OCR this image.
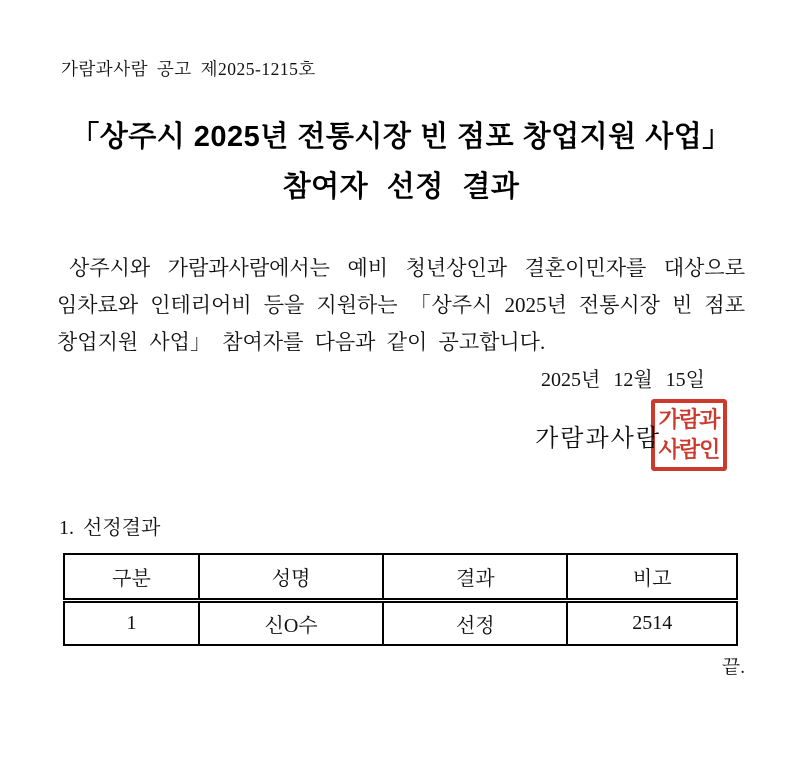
가람과사람 공고 제2025-1215호
「상주시 2025년 전통시장 빈 점포 창업지원 사업」
참여자 선정 결과

상주시와 가람과사람에서는 예비 청년상인과 결혼이민자를 대상으로 임차료와 인테리어비 등을 지원하는 「상주시 2025년 전통시장 빈 점포 창업지원 사업」 참여자를 다음과 같이 공고합니다.

2025년 12월 15일
가람과사람
가람과
사람인
1. 선정결과
구분	성명	결과	비고
1	신O수	선정	2514
끝.
